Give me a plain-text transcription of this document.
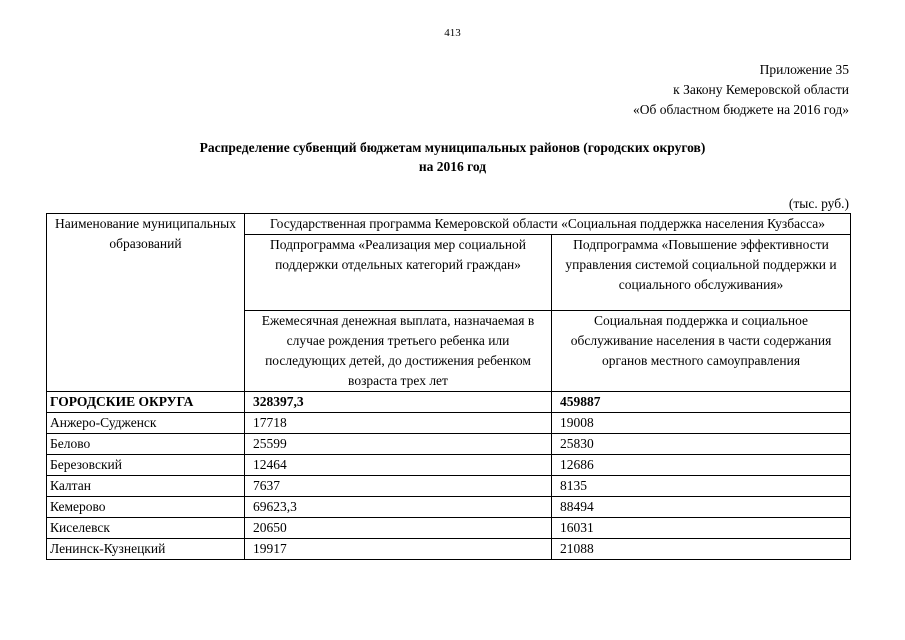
413
Приложение 35
к Закону Кемеровской области
«Об областном бюджете на 2016 год»
Распределение субвенций бюджетам муниципальных районов (городских округов)
на 2016 год
(тыс. руб.)
Наименование муниципальных образований	Государственная программа Кемеровской области «Социальная поддержка населения Кузбасса»	
	Подпрограмма «Реализация мер социальной поддержки отдельных категорий граждан»	Подпрограмма «Повышение эффективности управления системой социальной поддержки и социального обслуживания»
	Ежемесячная денежная выплата, назначаемая в случае рождения третьего ребенка или последующих детей, до достижения ребенком возраста трех лет	Социальная поддержка и социальное обслуживание населения в части содержания органов местного самоуправления
ГОРОДСКИЕ ОКРУГА	328397,3	459887
Анжеро-Судженск	17718	19008
Белово	25599	25830
Березовский	12464	12686
Калтан	7637	8135
Кемерово	69623,3	88494
Киселевск	20650	16031
Ленинск-Кузнецкий	19917	21088
